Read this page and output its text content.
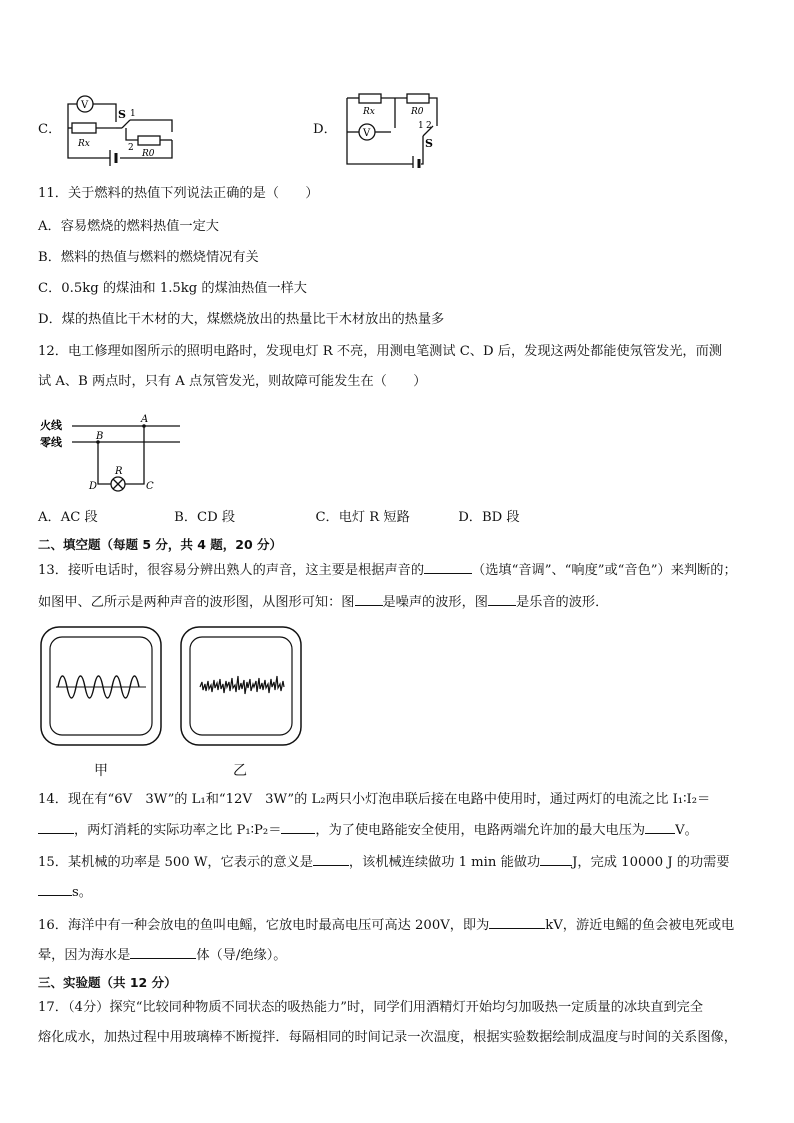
C．
V
S 1
2
Rx
R0
D．	V
Rx	R0
1 2
S
11．关于燃料的热值下列说法正确的是（　　）
A．容易燃烧的燃料热值一定大
B．燃料的热值与燃料的燃烧情况有关
C．0.5kg 的煤油和 1.5kg 的煤油热值一样大
D．煤的热值比干木材的大，煤燃烧放出的热量比干木材放出的热量多
12．电工修理如图所示的照明电路时，发现电灯 R 不亮，用测电笔测试 C、D 后，发现这两处都能使氖管发光，而测
试 A、B 两点时，只有 A 点氖管发光，则故障可能发生在（　　）
火线
零线
A
B
R
D	C
A．AC 段	B．CD 段	C．电灯 R 短路	D．BD 段
二、填空题（每题 5 分，共 4 题，20 分）
13．接听电话时，很容易分辨出熟人的声音，这主要是根据声音的	（选填“音调”、“响度”或“音色”）来判断的；
如图甲、乙所示是两种声音的波形图，从图形可知：图 是噪声的波形，图 是乐音的波形．
甲	乙
14．现在有“6V　3W”的 L₁和“12V　3W”的 L₂两只小灯泡串联后接在电路中使用时，通过两灯的电流之比 I₁∶I₂＝
，两灯消耗的实际功率之比 P₁∶P₂＝	，为了使电路能安全使用，电路两端允许加的最大电压为 V。
15．某机械的功率是 500 W，它表示的意义是	，该机械连续做功 1 min 能做功 J，完成 10000 J 的功需要
s。
16．海洋中有一种会放电的鱼叫电鳐，它放电时最高电压可高达 200V，即为	kV，游近电鳐的鱼会被电死或电
晕，因为海水是	体（导/绝缘）。
三、实验题（共 12 分）
17．（4分）探究“比较同种物质不同状态的吸热能力”时，同学们用酒精灯开始均匀加吸热一定质量的冰块直到完全
熔化成水，加热过程中用玻璃棒不断搅拌．每隔相同的时间记录一次温度，根据实验数据绘制成温度与时间的关系图像，
